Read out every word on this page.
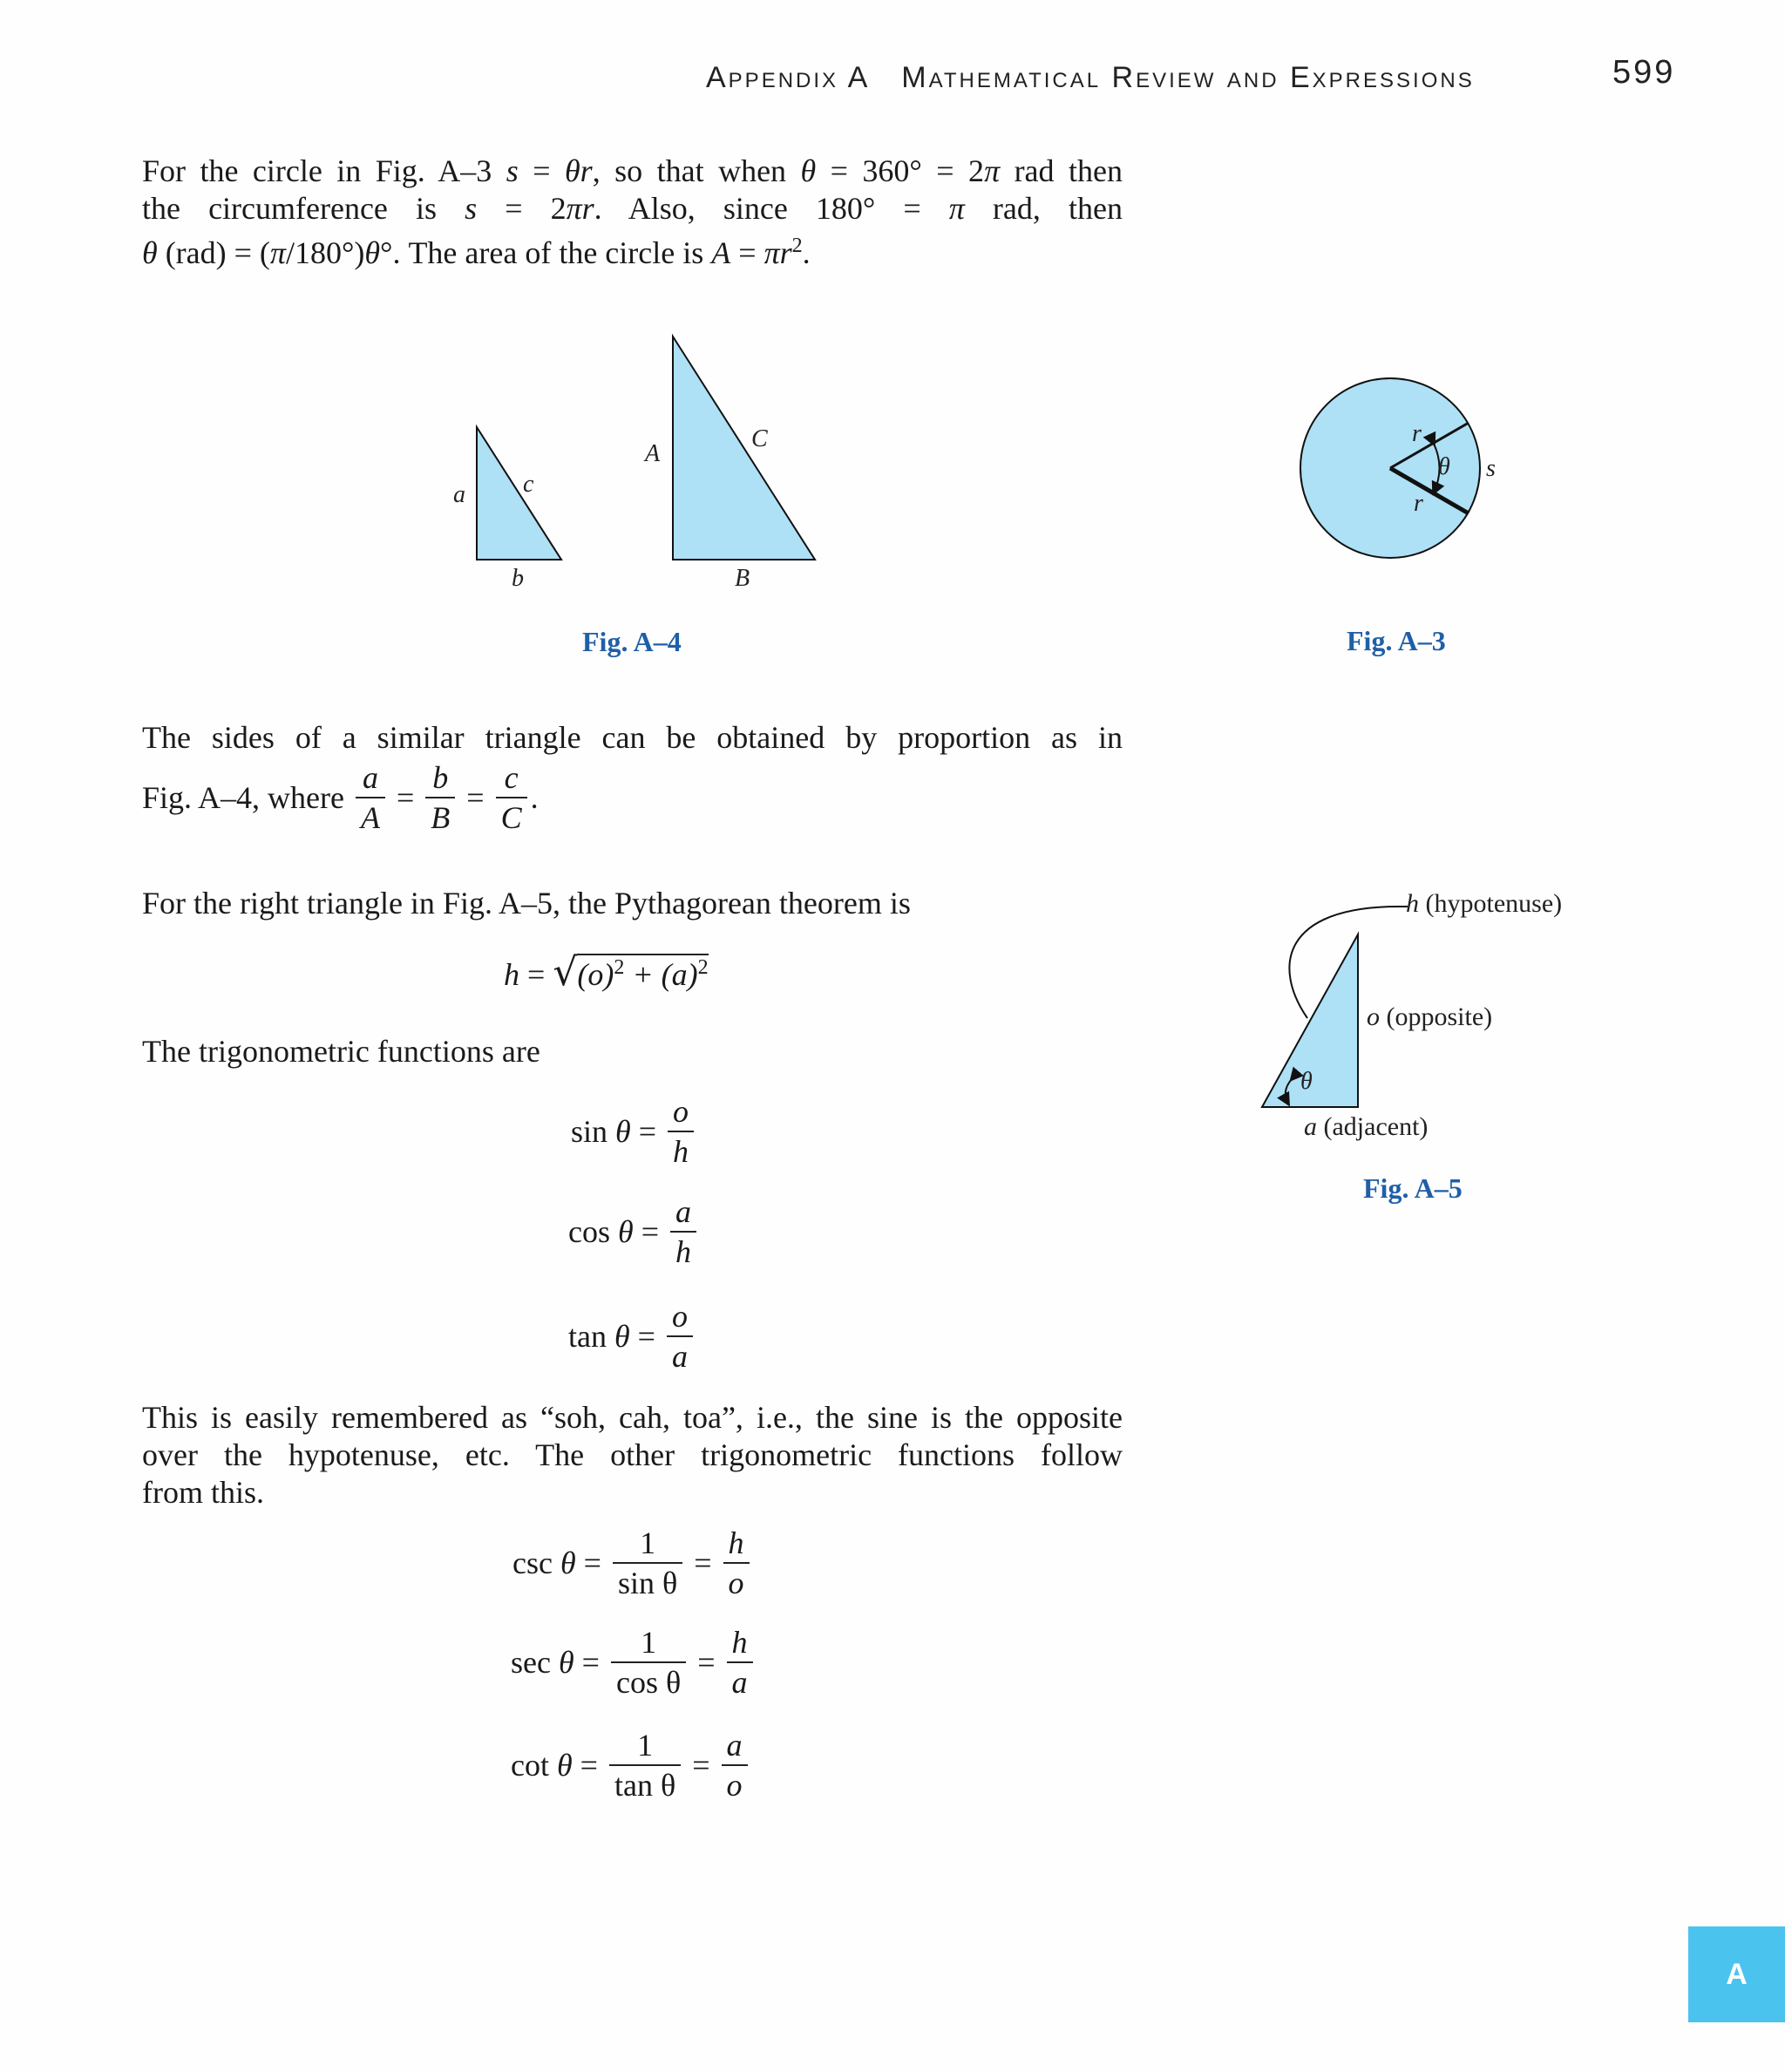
Appendix A Mathematical Review and Expressions	599
For the circle in Fig. A–3 s = θr, so that when θ = 360° = 2π rad then
the circumference is s = 2πr. Also, since 180° = π rad, then
θ (rad) = (π/180°)θ°. The area of the circle is $A = \pi r^2$.
a c
b
A
C
B
Fig. A–4
r
θ
r
s
Fig. A–3
The sides of a similar triangle can be obtained by proportion as in
Fig. A–4, where $\frac{a}{A} = \frac{b}{B} = \frac{c}{C}$ .
For the right triangle in Fig. A–5, the Pythagorean theorem is
$h = √(o)^2 + (a)^2$
h (hypotenuse)
o (opposite)
θ
a (adjacent)
Fig. A–5
The trigonometric functions are
$\sin \theta = \frac{o}{h}$
$\cos \theta = \frac{a}{h}$
$\tan \theta = \frac{o}{a}$
This is easily remembered as “soh, cah, toa”, i.e., the sine is the opposite
over the hypotenuse, etc. The other trigonometric functions follow
from this.
$\csc \theta = \frac{1}{\text{sin θ}} = \frac{h}{o}$
$\sec \theta = \frac{1}{\text{cos θ}} = \frac{h}{a}$
$\cot \theta = \frac{1}{\text{tan θ}} = \frac{a}{o}$
A
